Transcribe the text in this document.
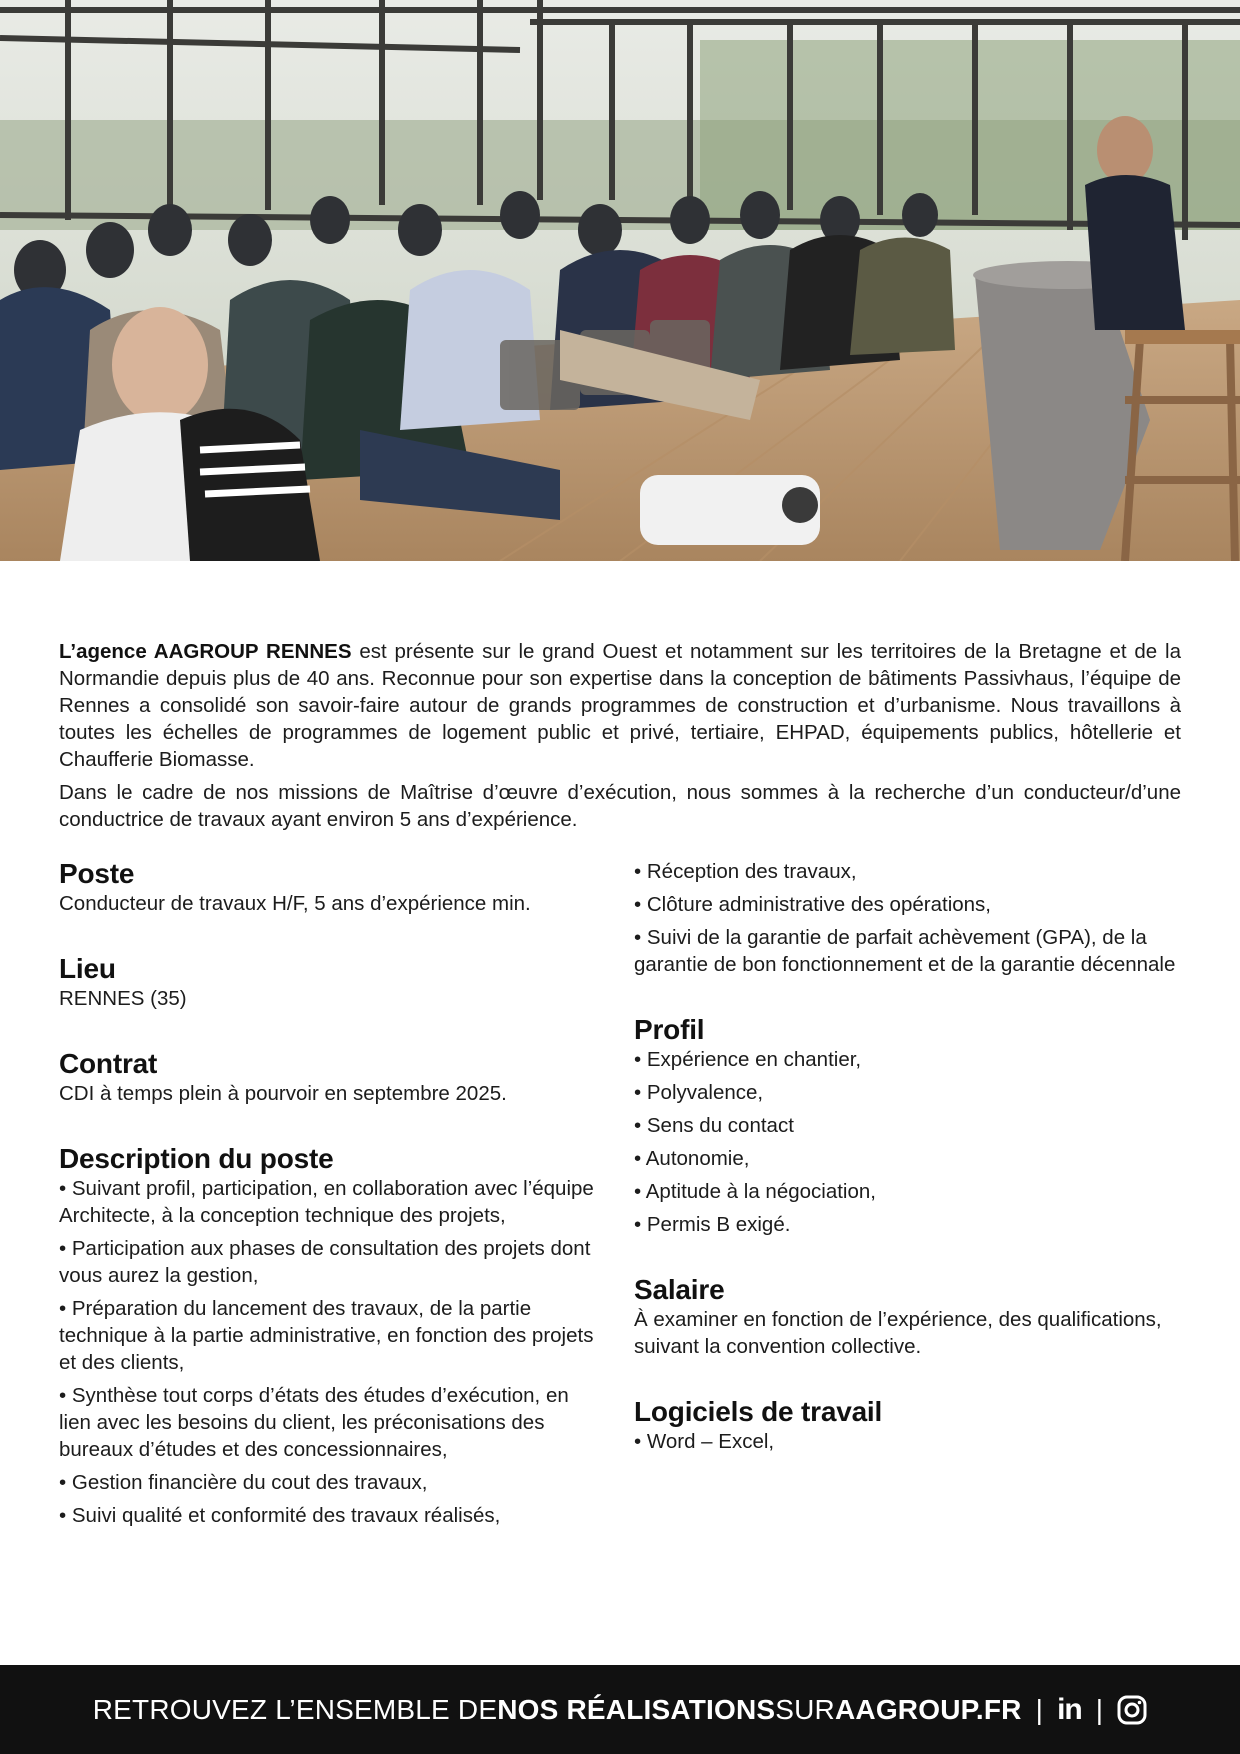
L’agence AAGROUP RENNES est présente sur le grand Ouest et notamment sur les territoires de la Bretagne et de la Normandie depuis plus de 40 ans. Reconnue pour son expertise dans la conception de bâtiments Passivhaus, l’équipe de Rennes a consolidé son savoir-faire autour de grands programmes de construction et d’urbanisme. Nous travaillons à toutes les échelles de programmes de logement public et privé, tertiaire, EHPAD, équipements publics, hôtellerie et Chaufferie Biomasse.

Dans le cadre de nos missions de Maîtrise d’œuvre d’exécution, nous sommes à la recherche d’un conducteur/d’une conductrice de travaux ayant environ 5 ans d’expérience.

Poste

Conducteur de travaux H/F, 5 ans d’expérience min.

Lieu

RENNES (35)

Contrat

CDI à temps plein à pourvoir en septembre 2025.

Description du poste
• Suivant profil, participation, en collaboration avec l’équipe Architecte, à la conception technique des projets,
• Participation aux phases de consultation des projets dont vous aurez la gestion,
• Préparation du lancement des travaux, de la partie technique à la partie administrative, en fonction des projets et des clients,
• Synthèse tout corps d’états des études d’exécution, en lien avec les besoins du client, les préconisations des bureaux d’études et des concessionnaires,
• Gestion financière du cout des travaux,
• Suivi qualité et conformité des travaux réalisés,
• Réception des travaux,
• Clôture administrative des opérations,
• Suivi de la garantie de parfait achèvement (GPA), de la garantie de bon fonctionnement et de la garantie décennale
Profil
• Expérience en chantier,
• Polyvalence,
• Sens du contact
• Autonomie,
• Aptitude à la négociation,
• Permis B exigé.
Salaire

À examiner en fonction de l’expérience, des qualifications, suivant la convention collective.

Logiciels de travail
• Word – Excel,
RETROUVEZ L’ENSEMBLE DE NOS RÉALISATIONS SUR AAGROUP.FR | in |
